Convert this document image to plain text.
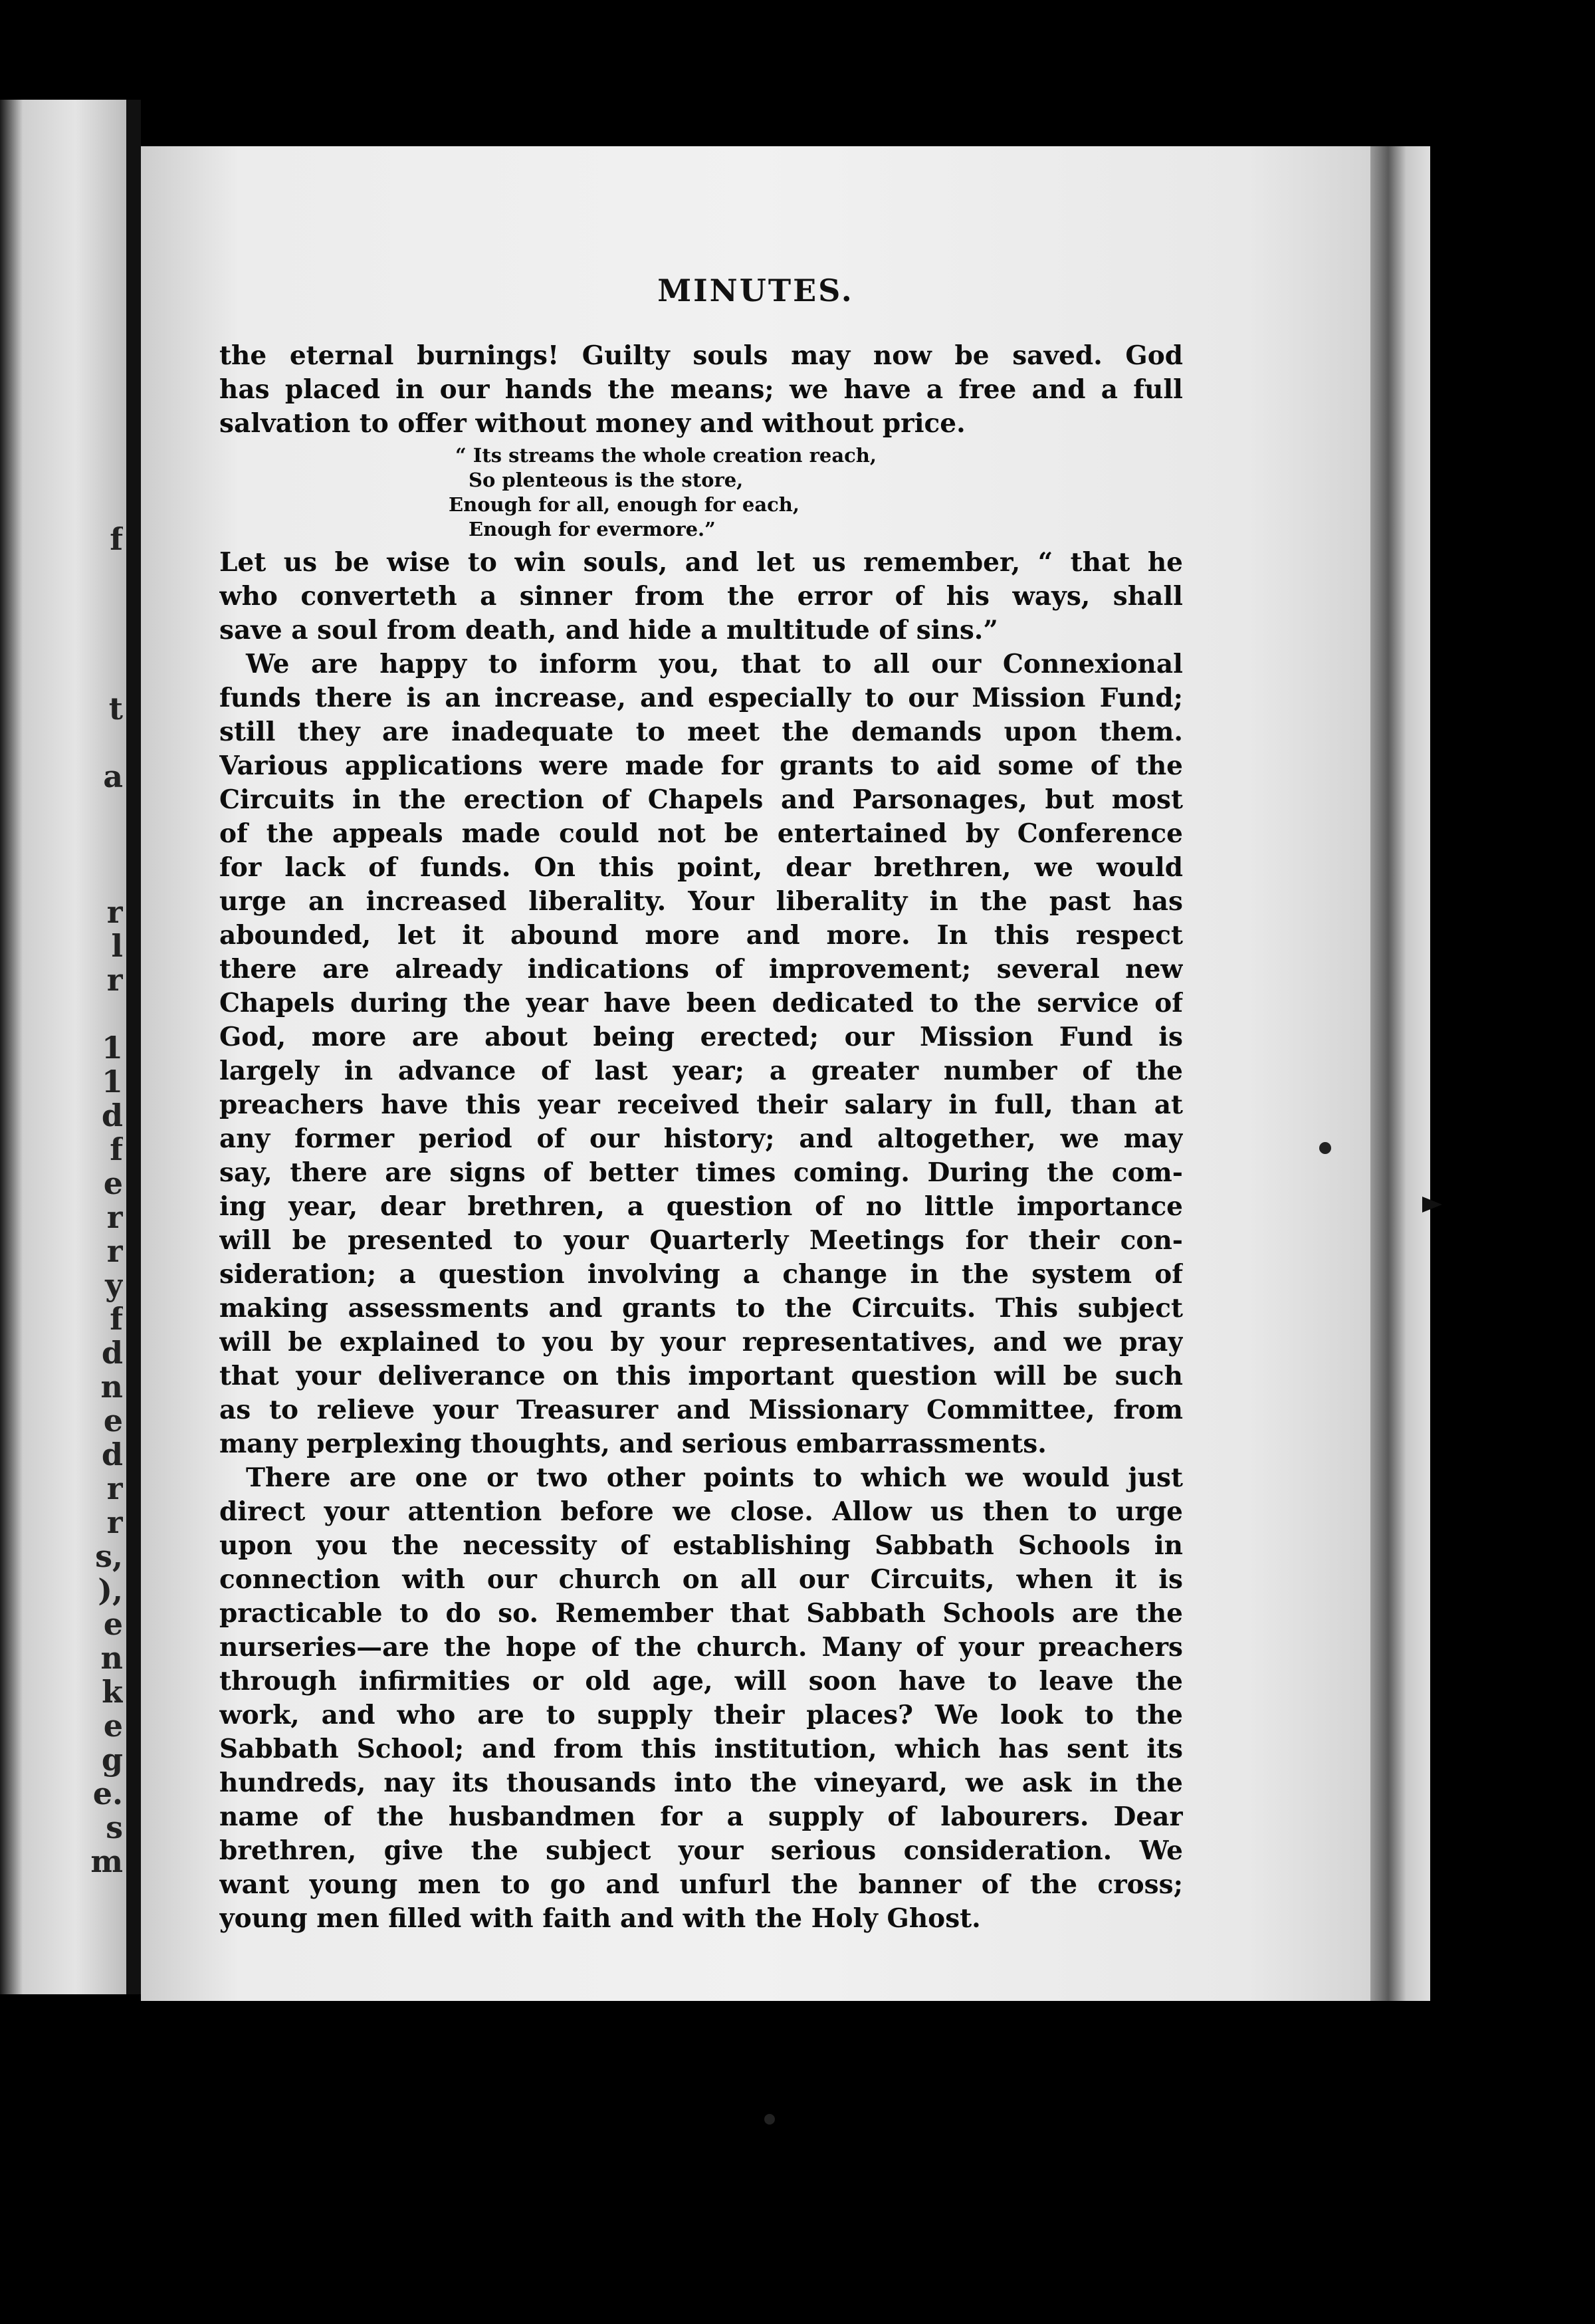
f
t
a
r
l
r
1
1
d
f
e
r
r
y
f
d
n
e
d
r
r
s,
),
e
n
k
e
g
e.
s
m
MINUTES.
the eternal burnings! Guilty souls may now be saved. God
has placed in our hands the means; we have a free and a full
salvation to offer without money and without price.
“ Its streams the whole creation reach,
So plenteous is the store,
Enough for all, enough for each,
Enough for evermore.”
Let us be wise to win souls, and let us remember, “ that he
who converteth a sinner from the error of his ways, shall
save a soul from death, and hide a multitude of sins.”
We are happy to inform you, that to all our Connexional
funds there is an increase, and especially to our Mission Fund;
still they are inadequate to meet the demands upon them.
Various applications were made for grants to aid some of the
Circuits in the erection of Chapels and Parsonages, but most
of the appeals made could not be entertained by Conference
for lack of funds. On this point, dear brethren, we would
urge an increased liberality. Your liberality in the past has
abounded, let it abound more and more. In this respect
there are already indications of improvement; several new
Chapels during the year have been dedicated to the service of
God, more are about being erected; our Mission Fund is
largely in advance of last year; a greater number of the
preachers have this year received their salary in full, than at
any former period of our history; and altogether, we may
say, there are signs of better times coming. During the com-
ing year, dear brethren, a question of no little importance
will be presented to your Quarterly Meetings for their con-
sideration; a question involving a change in the system of
making assessments and grants to the Circuits. This subject
will be explained to you by your representatives, and we pray
that your deliverance on this important question will be such
as to relieve your Treasurer and Missionary Committee, from
many perplexing thoughts, and serious embarrassments.
There are one or two other points to which we would just
direct your attention before we close. Allow us then to urge
upon you the necessity of establishing Sabbath Schools in
connection with our church on all our Circuits, when it is
practicable to do so. Remember that Sabbath Schools are the
nurseries—are the hope of the church. Many of your preachers
through infirmities or old age, will soon have to leave the
work, and who are to supply their places? We look to the
Sabbath School; and from this institution, which has sent its
hundreds, nay its thousands into the vineyard, we ask in the
name of the husbandmen for a supply of labourers. Dear
brethren, give the subject your serious consideration. We
want young men to go and unfurl the banner of the cross;
young men filled with faith and with the Holy Ghost.
